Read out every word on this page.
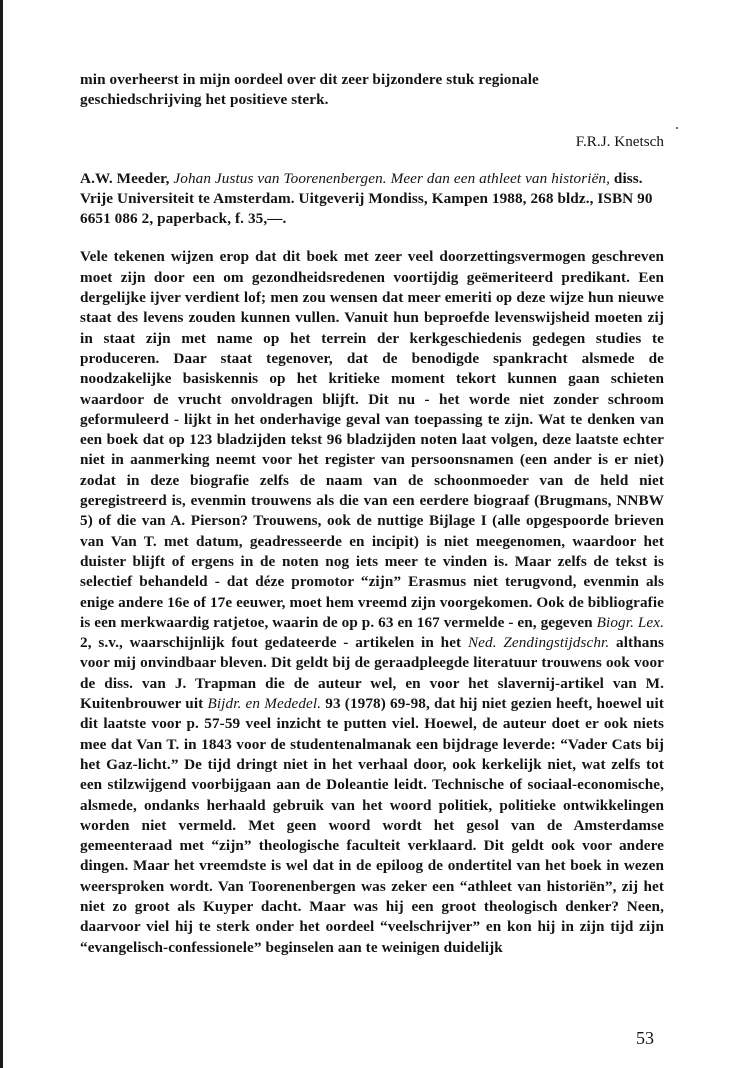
min overheerst in mijn oordeel over dit zeer bijzondere stuk regionale geschiedschrijving het positieve sterk.

F.R.J. Knetsch

A.W. Meeder, Johan Justus van Toorenenbergen. Meer dan een athleet van historiën, diss. Vrije Universiteit te Amsterdam. Uitgeverij Mondiss, Kampen 1988, 268 bldz., ISBN 90 6651 086 2, paperback, f. 35,—.

Vele tekenen wijzen erop dat dit boek met zeer veel doorzettingsvermogen geschreven moet zijn door een om gezondheidsredenen voortijdig geëmeriteerd predikant. Een dergelijke ijver verdient lof; men zou wensen dat meer emeriti op deze wijze hun nieuwe staat des levens zouden kunnen vullen. Vanuit hun beproefde levenswijsheid moeten zij in staat zijn met name op het terrein der kerkgeschiedenis gedegen studies te produceren. Daar staat tegenover, dat de benodigde spankracht alsmede de noodzakelijke basiskennis op het kritieke moment tekort kunnen gaan schieten waardoor de vrucht onvoldragen blijft. Dit nu - het worde niet zonder schroom geformuleerd - lijkt in het onderhavige geval van toepassing te zijn. Wat te denken van een boek dat op 123 bladzijden tekst 96 bladzijden noten laat volgen, deze laatste echter niet in aanmerking neemt voor het register van persoonsnamen (een ander is er niet) zodat in deze biografie zelfs de naam van de schoonmoeder van de held niet geregistreerd is, evenmin trouwens als die van een eerdere biograaf (Brugmans, NNBW 5) of die van A. Pierson? Trouwens, ook de nuttige Bijlage I (alle opgespoorde brieven van Van T. met datum, geadresseerde en incipit) is niet meegenomen, waardoor het duister blijft of ergens in de noten nog iets meer te vinden is. Maar zelfs de tekst is selectief behandeld - dat déze promotor “zijn” Erasmus niet terugvond, evenmin als enige andere 16e of 17e eeuwer, moet hem vreemd zijn voorgekomen. Ook de bibliografie is een merkwaardig ratjetoe, waarin de op p. 63 en 167 vermelde - en, gegeven Biogr. Lex. 2, s.v., waarschijnlijk fout gedateerde - artikelen in het Ned. Zendingstijdschr. althans voor mij onvindbaar bleven. Dit geldt bij de geraadpleegde literatuur trouwens ook voor de diss. van J. Trapman die de auteur wel, en voor het slavernij-artikel van M. Kuitenbrouwer uit Bijdr. en Mededel. 93 (1978) 69-98, dat hij niet gezien heeft, hoewel uit dit laatste voor p. 57-59 veel inzicht te putten viel. Hoewel, de auteur doet er ook niets mee dat Van T. in 1843 voor de studentenalmanak een bijdrage leverde: “Vader Cats bij het Gaz-licht.” De tijd dringt niet in het verhaal door, ook kerkelijk niet, wat zelfs tot een stilzwijgend voorbijgaan aan de Doleantie leidt. Technische of sociaal-economische, alsmede, ondanks herhaald gebruik van het woord politiek, politieke ontwikkelingen worden niet vermeld. Met geen woord wordt het gesol van de Amsterdamse gemeenteraad met “zijn” theologische faculteit verklaard. Dit geldt ook voor andere dingen. Maar het vreemdste is wel dat in de epiloog de ondertitel van het boek in wezen weersproken wordt. Van Toorenenbergen was zeker een “athleet van historiën”, zij het niet zo groot als Kuyper dacht. Maar was hij een groot theologisch denker? Neen, daarvoor viel hij te sterk onder het oordeel “veelschrijver” en kon hij in zijn tijd zijn “evangelisch-confessionele” beginselen aan te weinigen duidelijk

53
